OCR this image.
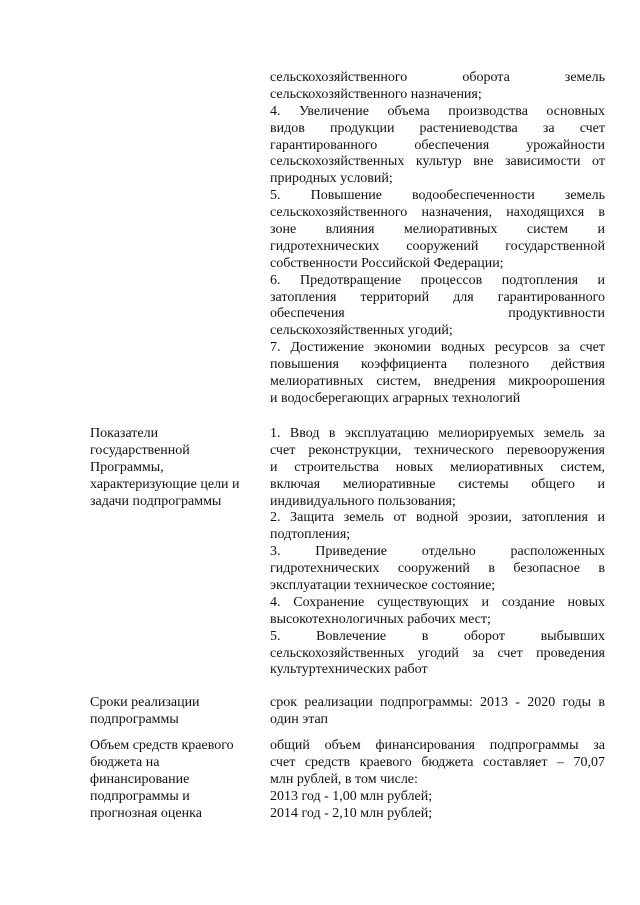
сельскохозяйственного оборота земель
сельскохозяйственного назначения;
4. Увеличение объема производства основных
видов продукции растениеводства за счет
гарантированного обеспечения урожайности
сельскохозяйственных культур вне зависимости от
природных условий;
5. Повышение водообеспеченности земель
сельскохозяйственного назначения, находящихся в
зоне влияния мелиоративных систем и
гидротехнических сооружений государственной
собственности Российской Федерации;
6. Предотвращение процессов подтопления и
затопления территорий для гарантированного
обеспечения продуктивности
сельскохозяйственных угодий;
7. Достижение экономии водных ресурсов за счет
повышения коэффициента полезного действия
мелиоративных систем, внедрения микроорошения
и водосберегающих аграрных технологий
Показатели
государственной
Программы,
характеризующие цели и
задачи подпрограммы
1. Ввод в эксплуатацию мелиорируемых земель за
счет реконструкции, технического перевооружения
и строительства новых мелиоративных систем,
включая мелиоративные системы общего и
индивидуального пользования;
2. Защита земель от водной эрозии, затопления и
подтопления;
3. Приведение отдельно расположенных
гидротехнических сооружений в безопасное в
эксплуатации техническое состояние;
4. Сохранение существующих и создание новых
высокотехнологичных рабочих мест;
5. Вовлечение в оборот выбывших
сельскохозяйственных угодий за счет проведения
культуртехнических работ
Сроки реализации
подпрограммы
срок реализации подпрограммы: 2013 - 2020 годы в
один этап
Объем средств краевого
бюджета на
финансирование
подпрограммы и
прогнозная оценка
общий объем финансирования подпрограммы за
счет средств краевого бюджета составляет – 70,07
млн рублей, в том числе:
2013 год - 1,00 млн рублей;
2014 год - 2,10 млн рублей;
